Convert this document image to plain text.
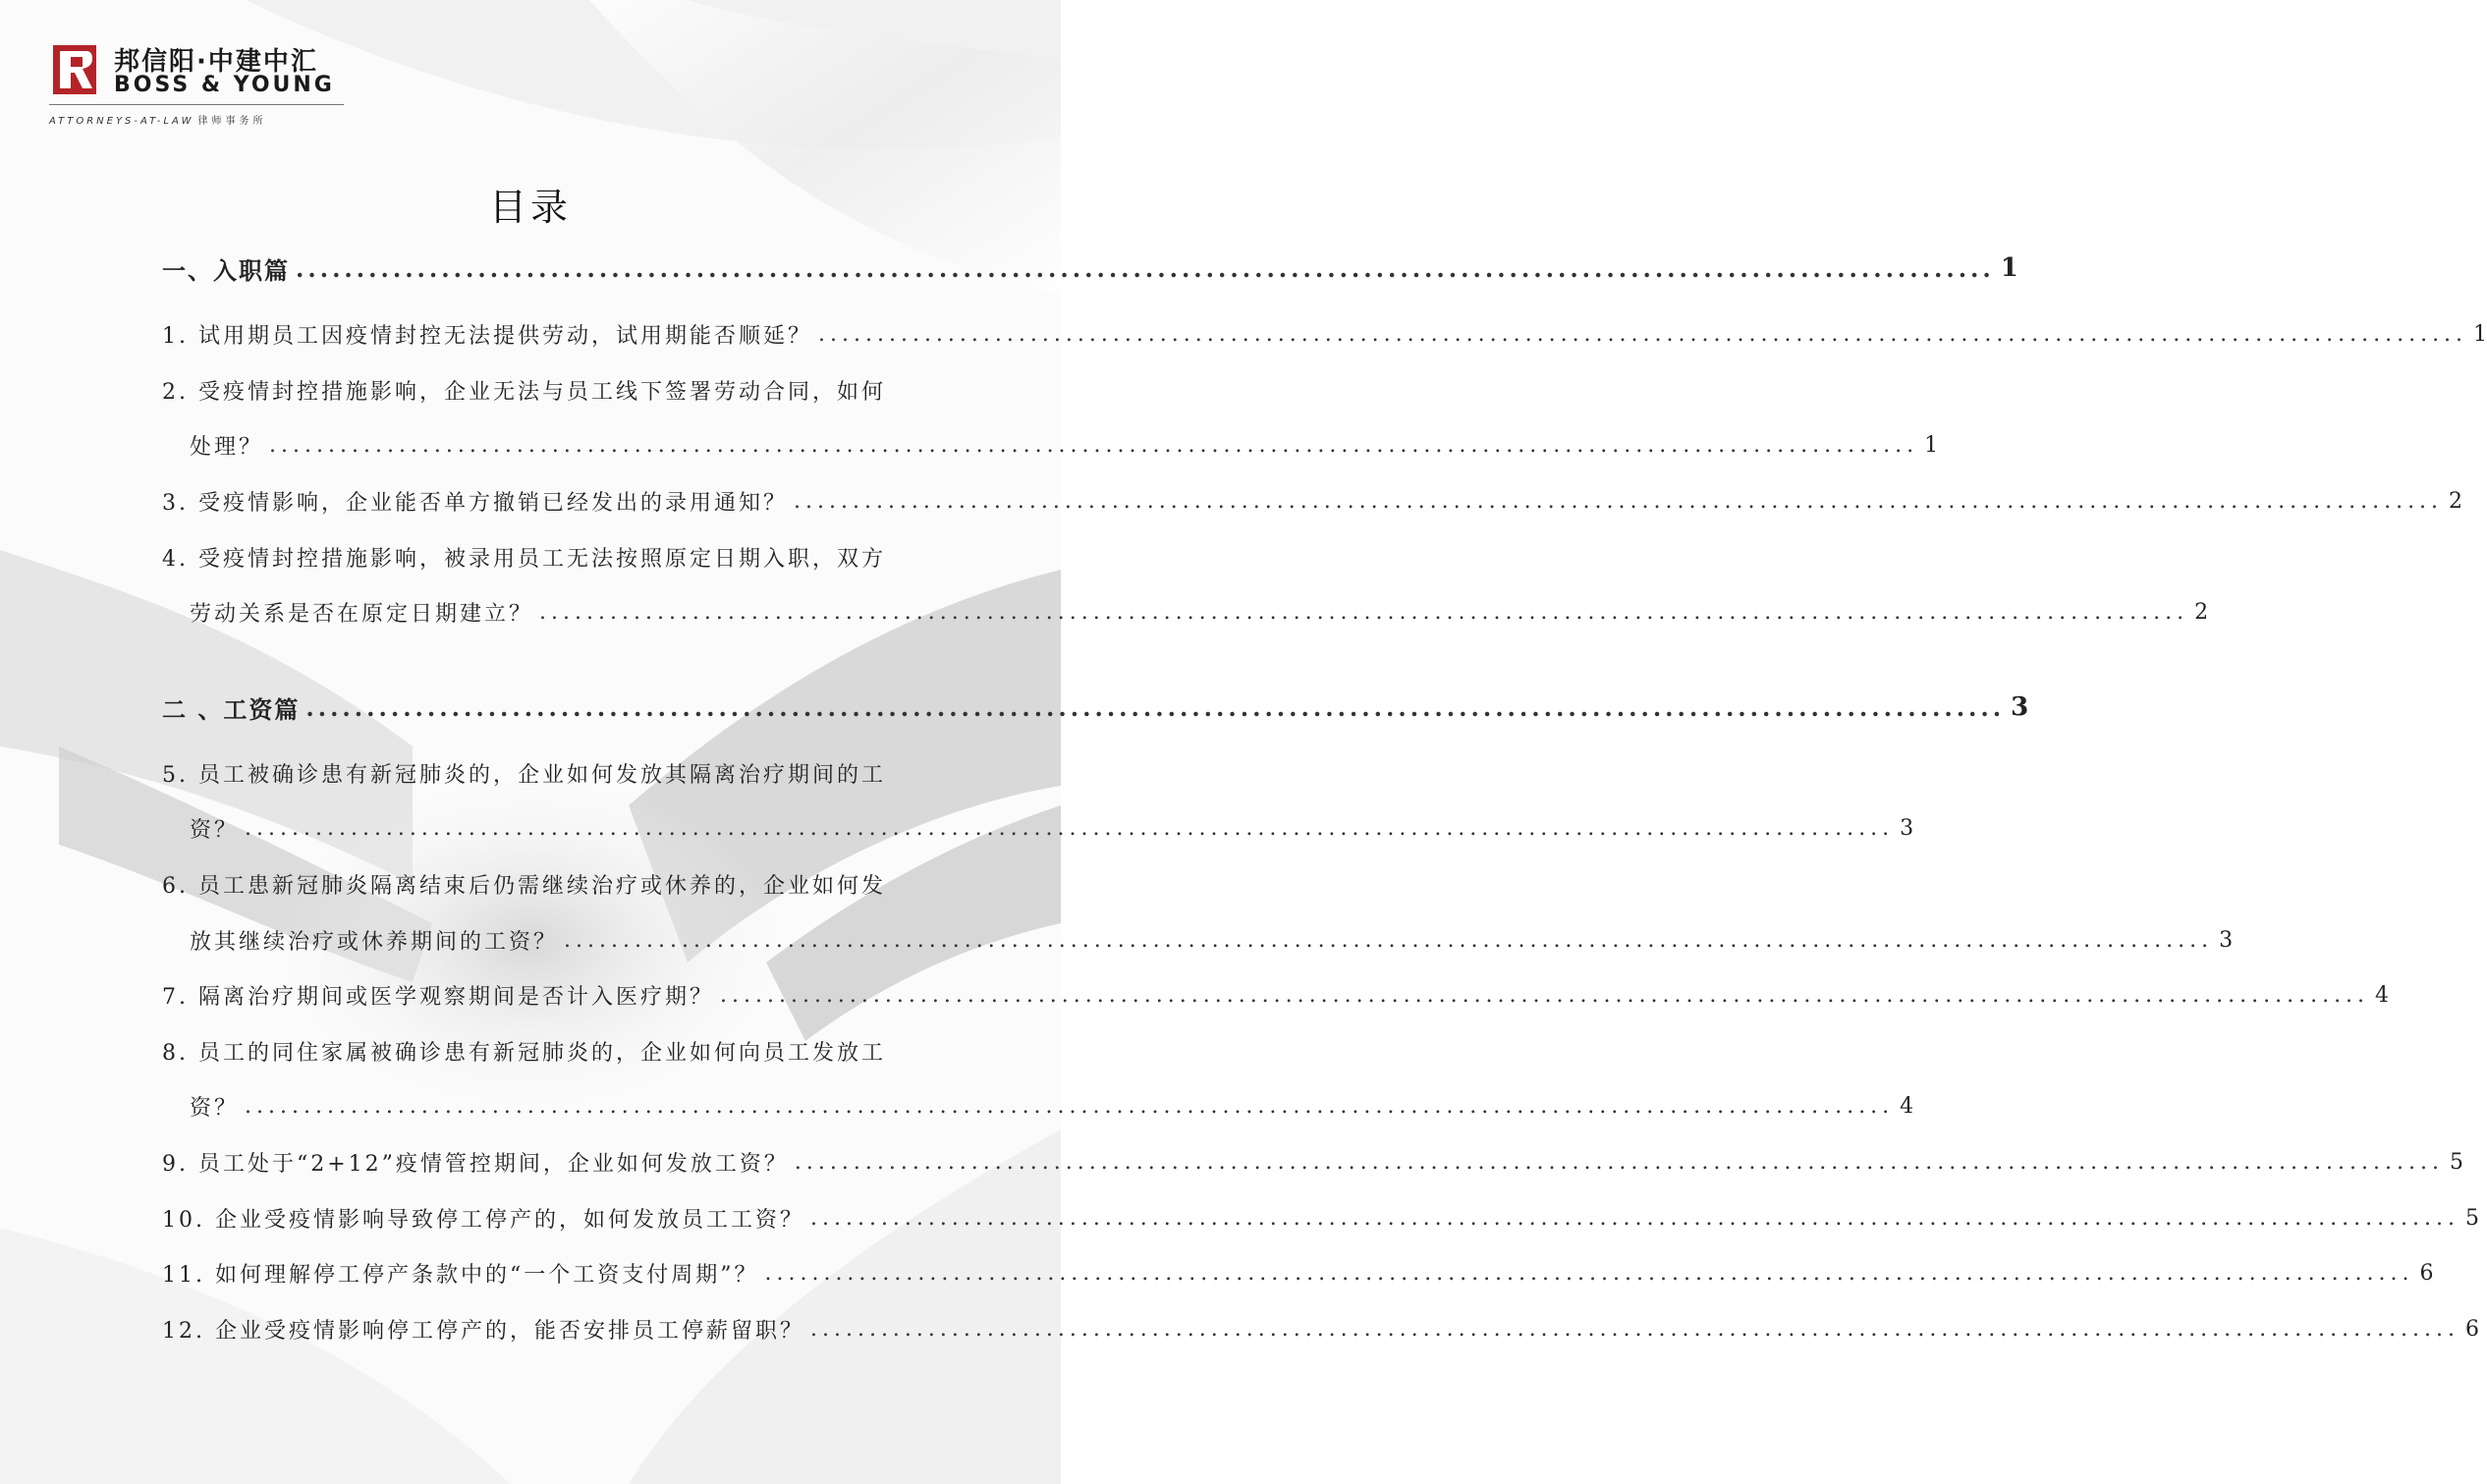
邦信阳·中建中汇
BOSS & YOUNG
ATTORNEYS-AT-LAW 律师事务所
目录
一、入职篇 ............................................................................................................................................ 1
1. 试用期员工因疫情封控无法提供劳动，试用期能否顺延？ ............................................................................................................................................ 1
2. 受疫情封控措施影响，企业无法与员工线下签署劳动合同，如何
处理？ ............................................................................................................................................ 1
3. 受疫情影响，企业能否单方撤销已经发出的录用通知？ ............................................................................................................................................ 2
4. 受疫情封控措施影响，被录用员工无法按照原定日期入职，双方
劳动关系是否在原定日期建立？ ............................................................................................................................................ 2
二 、工资篇 ............................................................................................................................................ 3
5. 员工被确诊患有新冠肺炎的，企业如何发放其隔离治疗期间的工
资？ ............................................................................................................................................ 3
6. 员工患新冠肺炎隔离结束后仍需继续治疗或休养的，企业如何发
放其继续治疗或休养期间的工资？ ............................................................................................................................................ 3
7. 隔离治疗期间或医学观察期间是否计入医疗期？ ............................................................................................................................................ 4
8. 员工的同住家属被确诊患有新冠肺炎的，企业如何向员工发放工
资？ ............................................................................................................................................ 4
9. 员工处于“2+12”疫情管控期间，企业如何发放工资？ ............................................................................................................................................ 5
10. 企业受疫情影响导致停工停产的，如何发放员工工资？ ............................................................................................................................................ 5
11. 如何理解停工停产条款中的“一个工资支付周期”？ ............................................................................................................................................ 6
12. 企业受疫情影响停工停产的，能否安排员工停薪留职？ ............................................................................................................................................ 6
